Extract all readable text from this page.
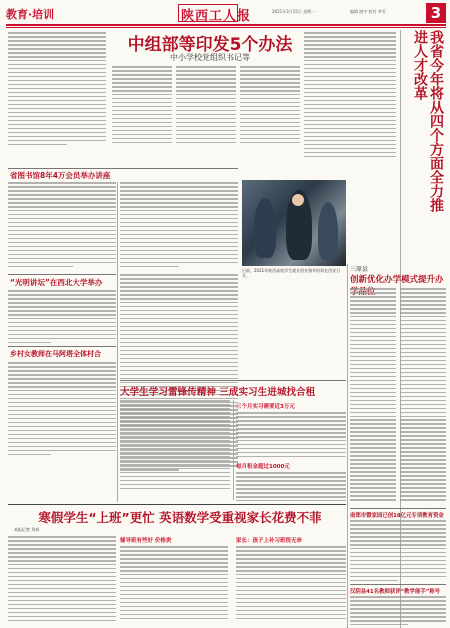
教育·培训	陕西工人报	2021年3月15日 星期一	编辑 晓宇 校对 李雪	3
中组部等印发5个办法
中小学校党组织书记等	我省今年将从四个方面全力推进人才改革
三原县
创新优化办学模式提升办
南郑市暨家园已创18亿元专项教育资金
汉阴县41名教师获评“教学能手”称号
省图书馆8年4万会员举办讲座
“光明讲坛”在西北大学举办
乡村女教师在马阿塔全体村合
日前，2021年陕西高校学生就业创业指导培训在西安召开。
大学生学习雷锋传精神 三成实习生进城找合租
三个月实习需要近3万元
每月租金超过1000元
寒假学生“上班”更忙 英语数学受重视家长花费不菲
本报记者 刘真
辅导班有些好 价格贵	家长：孩子上补习班很无奈
